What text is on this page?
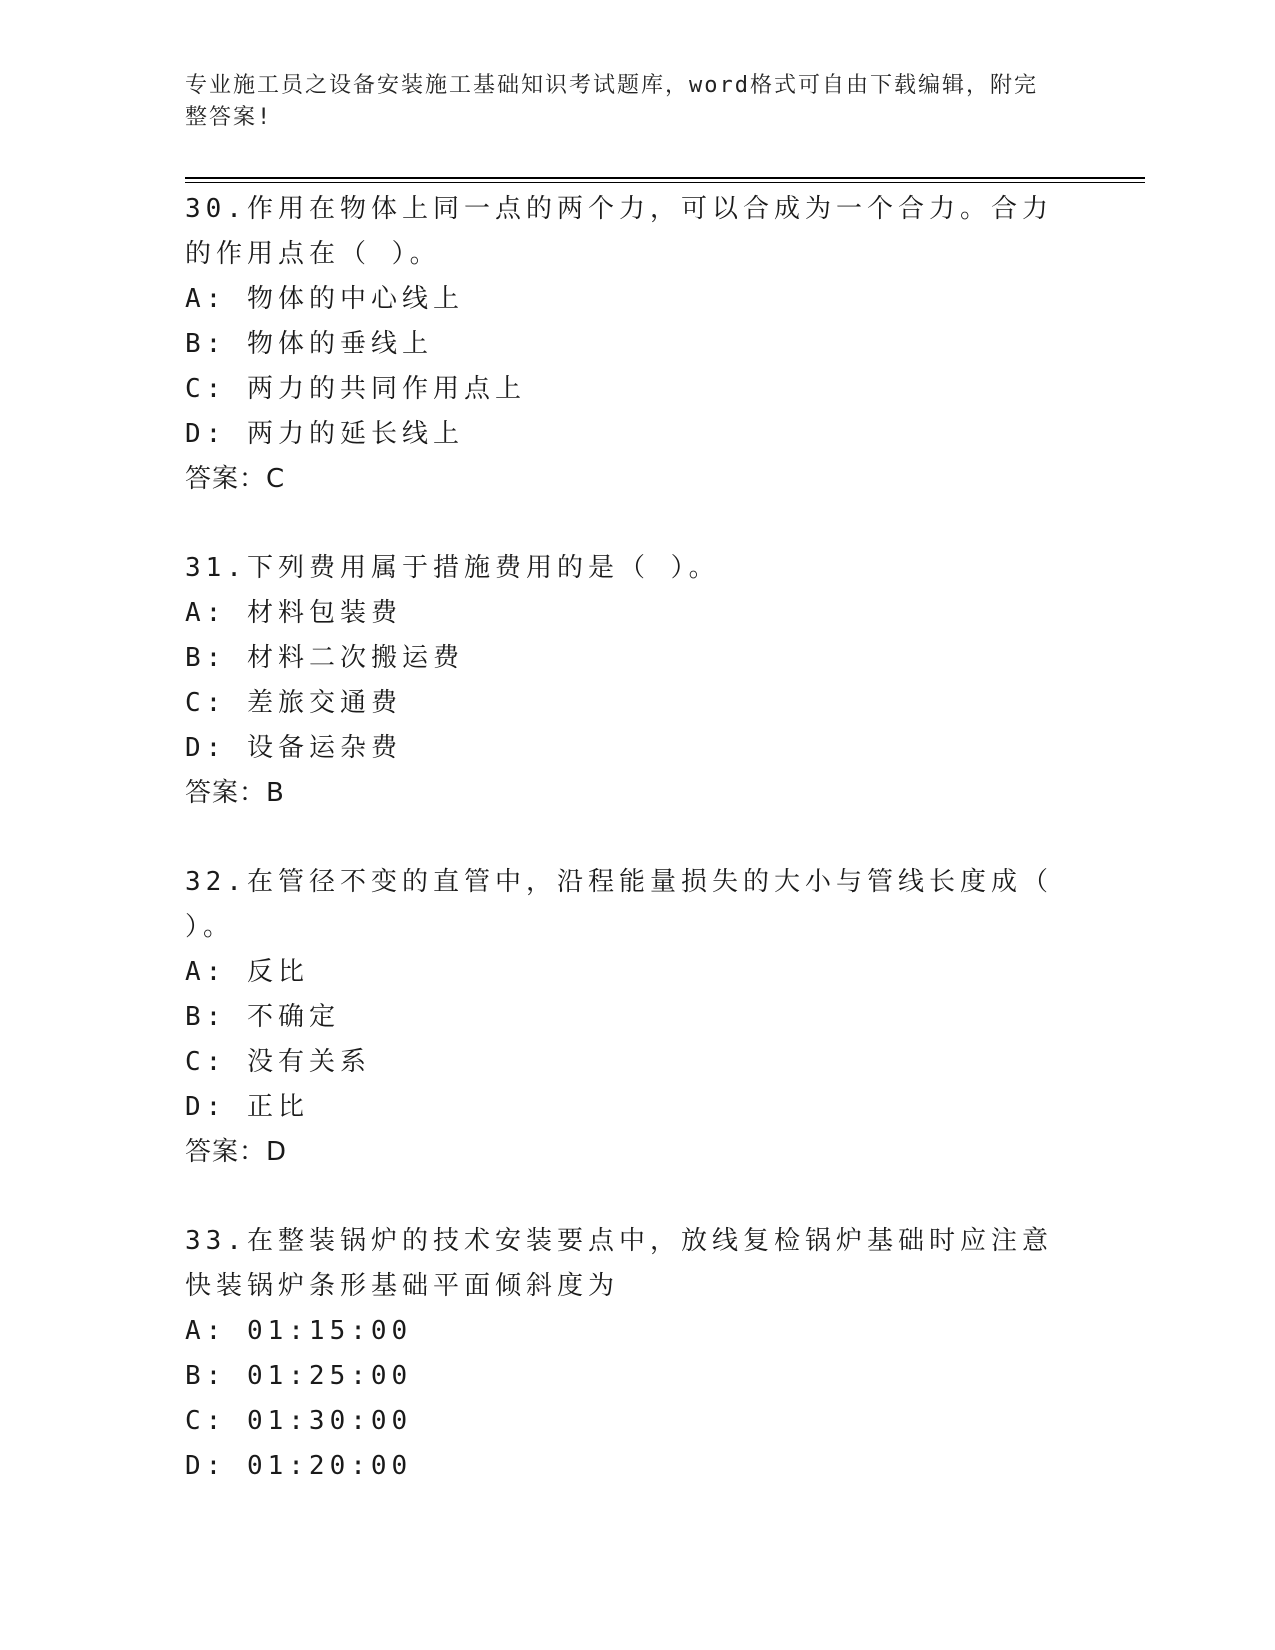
专业施工员之设备安装施工基础知识考试题库，word格式可自由下载编辑，附完整答案!
30.作用在物体上同一点的两个力，可以合成为一个合力。合力的作用点在（ ）。
A: 物体的中心线上
B: 物体的垂线上
C: 两力的共同作用点上
D: 两力的延长线上
答案：C
31.下列费用属于措施费用的是（ ）。
A: 材料包装费
B: 材料二次搬运费
C: 差旅交通费
D: 设备运杂费
答案：B
32.在管径不变的直管中，沿程能量损失的大小与管线长度成（ ）。
A: 反比
B: 不确定
C: 没有关系
D: 正比
答案：D
33.在整装锅炉的技术安装要点中，放线复检锅炉基础时应注意快装锅炉条形基础平面倾斜度为
A: 01:15:00
B: 01:25:00
C: 01:30:00
D: 01:20:00
